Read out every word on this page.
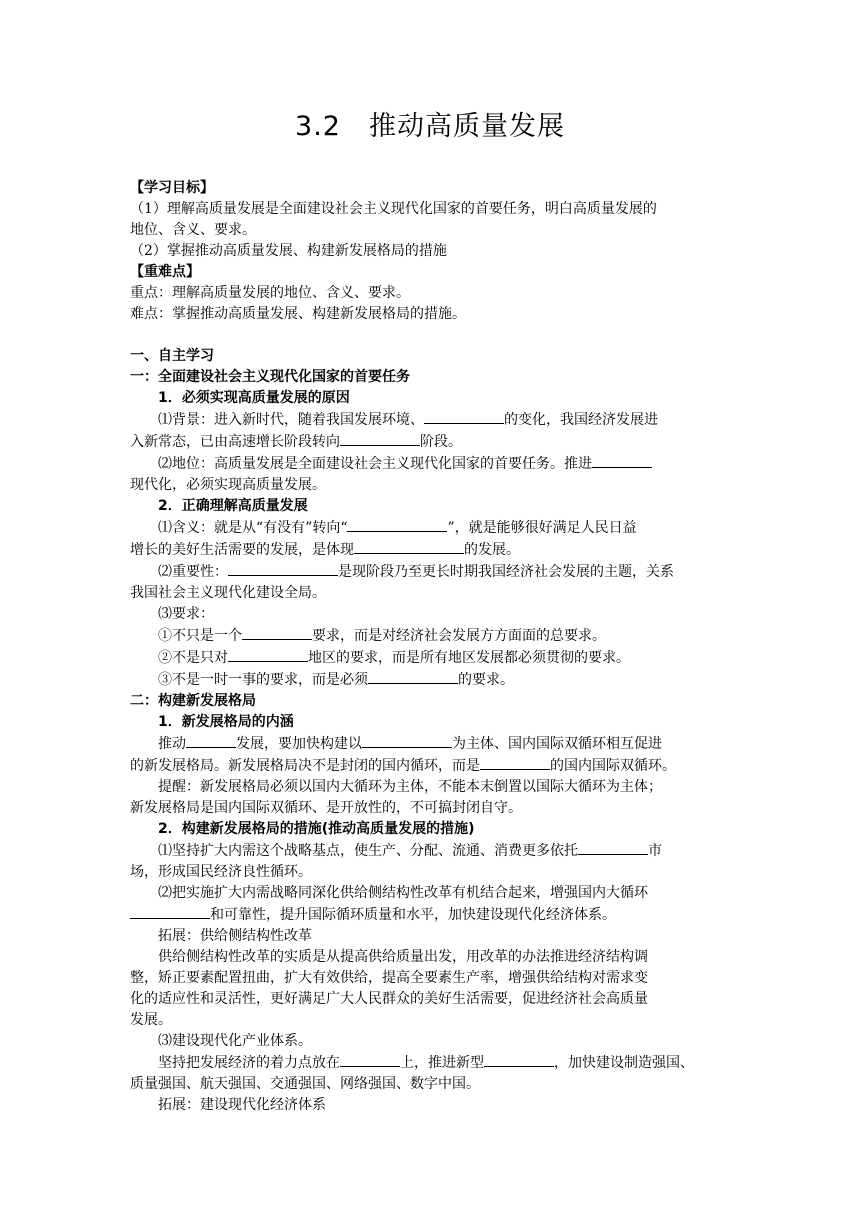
3.2　推动高质量发展

【学习目标】

（1）理解高质量发展是全面建设社会主义现代化国家的首要任务，明白高质量发展的

地位、含义、要求。

（2）掌握推动高质量发展、构建新发展格局的措施

【重难点】

重点：理解高质量发展的地位、含义、要求。

难点：掌握推动高质量发展、构建新发展格局的措施。

一、自主学习

一：全面建设社会主义现代化国家的首要任务

1．必须实现高质量发展的原因

⑴背景：进入新时代，随着我国发展环境、	的变化，我国经济发展进

入新常态，已由高速增长阶段转向	阶段。

⑵地位：高质量发展是全面建设社会主义现代化国家的首要任务。推进

现代化，必须实现高质量发展。

2．正确理解高质量发展

⑴含义：就是从“有没有”转向“	”，就是能够很好满足人民日益

增长的美好生活需要的发展，是体现	的发展。

⑵重要性：	是现阶段乃至更长时期我国经济社会发展的主题，关系

我国社会主义现代化建设全局。

⑶要求：

①不只是一个	要求，而是对经济社会发展方方面面的总要求。

②不是只对	地区的要求，而是所有地区发展都必须贯彻的要求。

③不是一时一事的要求，而是必须	的要求。

二：构建新发展格局

1．新发展格局的内涵

推动	发展，要加快构建以	为主体、国内国际双循环相互促进

的新发展格局。新发展格局决不是封闭的国内循环，而是	的国内国际双循环。

提醒：新发展格局必须以国内大循环为主体，不能本末倒置以国际大循环为主体；

新发展格局是国内国际双循环、是开放性的，不可搞封闭自守。

2．构建新发展格局的措施(推动高质量发展的措施)

⑴坚持扩大内需这个战略基点，使生产、分配、流通、消费更多依托	市

场，形成国民经济良性循环。

⑵把实施扩大内需战略同深化供给侧结构性改革有机结合起来，增强国内大循环

和可靠性，提升国际循环质量和水平，加快建设现代化经济体系。

拓展：供给侧结构性改革

供给侧结构性改革的实质是从提高供给质量出发，用改革的办法推进经济结构调

整，矫正要素配置扭曲，扩大有效供给，提高全要素生产率，增强供给结构对需求变

化的适应性和灵活性，更好满足广大人民群众的美好生活需要，促进经济社会高质量

发展。

⑶建设现代化产业体系。

坚持把发展经济的着力点放在	上，推进新型	，加快建设制造强国、

质量强国、航天强国、交通强国、网络强国、数字中国。

拓展：建设现代化经济体系
